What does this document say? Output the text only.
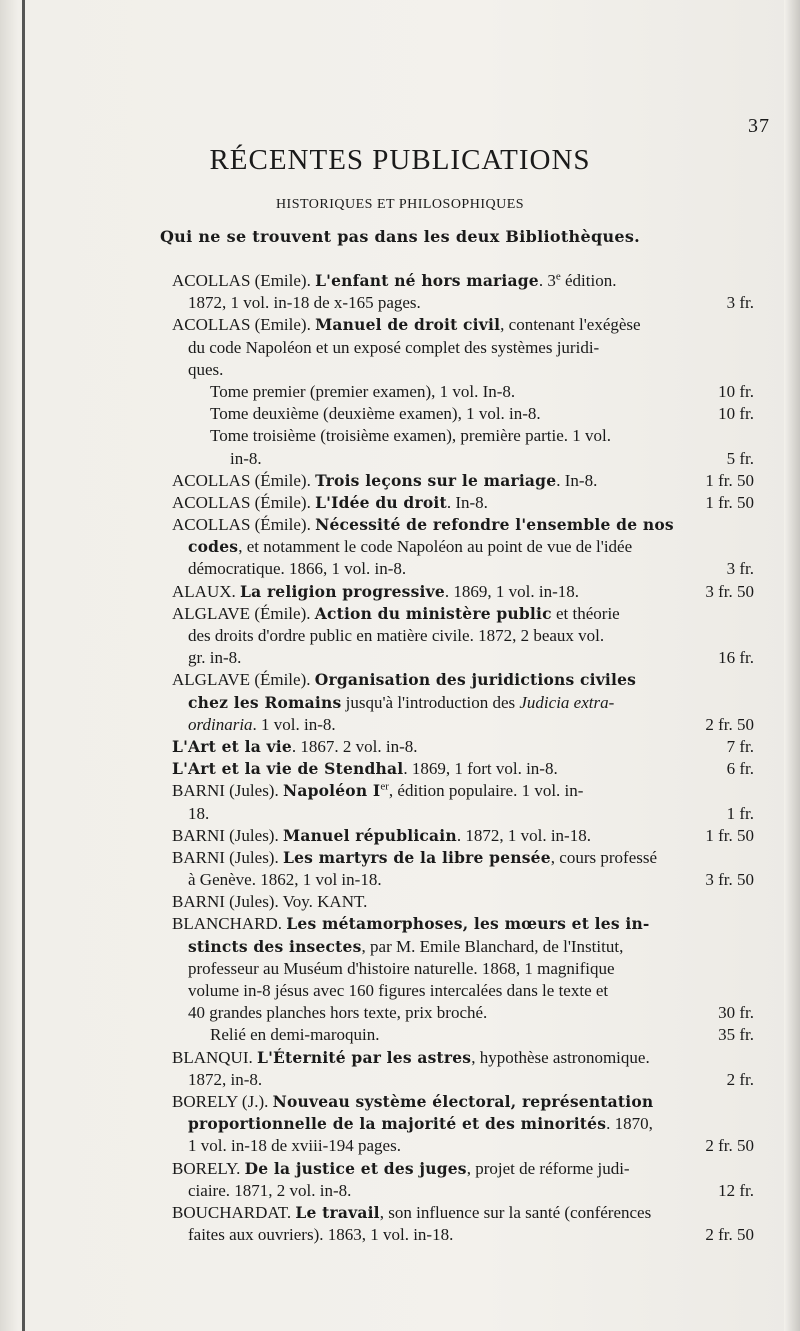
37
RÉCENTES PUBLICATIONS
HISTORIQUES ET PHILOSOPHIQUES
Qui ne se trouvent pas dans les deux Bibliothèques.
ACOLLAS (Emile). L'enfant né hors mariage. 3e édition.
1872, 1 vol. in-18 de x-165 pages.	3 fr.
ACOLLAS (Emile). Manuel de droit civil, contenant l'exégèse
du code Napoléon et un exposé complet des systèmes juridi-
ques.
Tome premier (premier examen), 1 vol. In-8.	10 fr.
Tome deuxième (deuxième examen), 1 vol. in-8.	10 fr.
Tome troisième (troisième examen), première partie. 1 vol.
in-8.	5 fr.
ACOLLAS (Émile). Trois leçons sur le mariage. In-8.	1 fr. 50
ACOLLAS (Émile). L'Idée du droit. In-8.	1 fr. 50
ACOLLAS (Émile). Nécessité de refondre l'ensemble de nos
codes, et notamment le code Napoléon au point de vue de l'idée
démocratique. 1866, 1 vol. in-8.	3 fr.
ALAUX. La religion progressive. 1869, 1 vol. in-18.	3 fr. 50
ALGLAVE (Émile). Action du ministère public et théorie
des droits d'ordre public en matière civile. 1872, 2 beaux vol.
gr. in-8.	16 fr.
ALGLAVE (Émile). Organisation des juridictions civiles
chez les Romains jusqu'à l'introduction des Judicia extra-
ordinaria. 1 vol. in-8.	2 fr. 50
L'Art et la vie. 1867. 2 vol. in-8.	7 fr.
L'Art et la vie de Stendhal. 1869, 1 fort vol. in-8.	6 fr.
BARNI (Jules). Napoléon Ier, édition populaire. 1 vol. in-
18.	1 fr.
BARNI (Jules). Manuel républicain. 1872, 1 vol. in-18.	1 fr. 50
BARNI (Jules). Les martyrs de la libre pensée, cours professé
à Genève. 1862, 1 vol in-18.	3 fr. 50
BARNI (Jules). Voy. KANT.
BLANCHARD. Les métamorphoses, les mœurs et les in-
stincts des insectes, par M. Emile Blanchard, de l'Institut,
professeur au Muséum d'histoire naturelle. 1868, 1 magnifique
volume in-8 jésus avec 160 figures intercalées dans le texte et
40 grandes planches hors texte, prix broché.	30 fr.
Relié en demi-maroquin.	35 fr.
BLANQUI. L'Éternité par les astres, hypothèse astronomique.
1872, in-8.	2 fr.
BORELY (J.). Nouveau système électoral, représentation
proportionnelle de la majorité et des minorités. 1870,
1 vol. in-18 de xviii-194 pages.	2 fr. 50
BORELY. De la justice et des juges, projet de réforme judi-
ciaire. 1871, 2 vol. in-8.	12 fr.
BOUCHARDAT. Le travail, son influence sur la santé (conférences
faites aux ouvriers). 1863, 1 vol. in-18.	2 fr. 50
